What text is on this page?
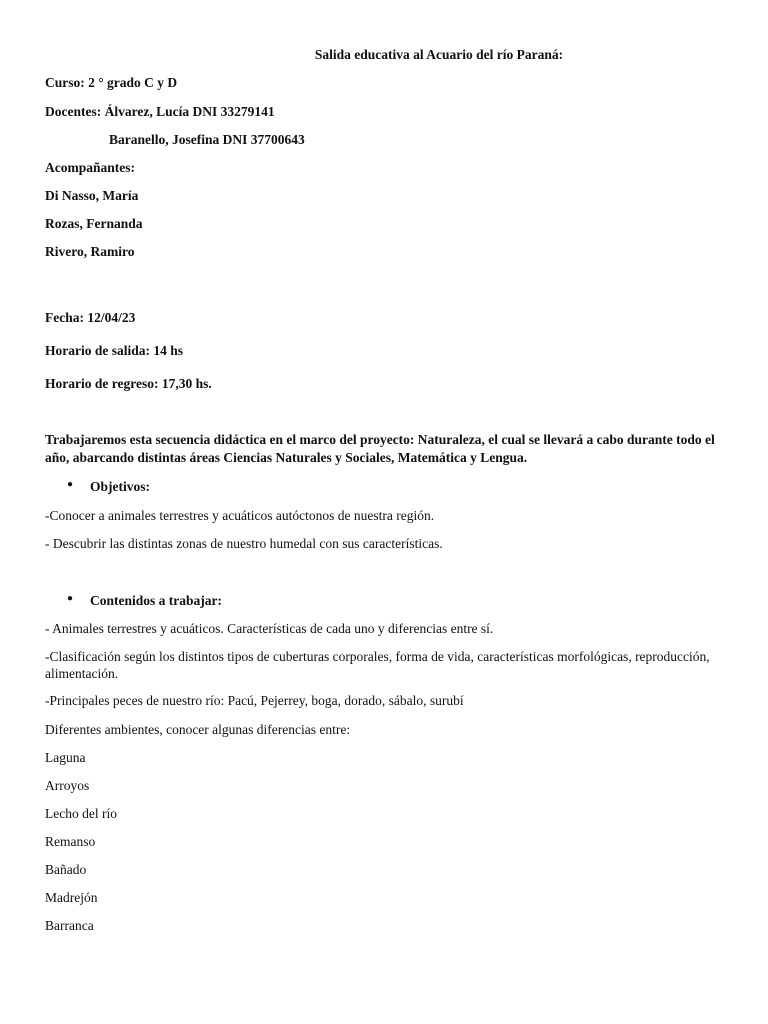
Salida educativa al Acuario del río Paraná:
Curso: 2 ° grado C y D
Docentes: Álvarez, Lucía DNI 33279141
Baranello, Josefina DNI 37700643
Acompañantes:
Di Nasso, María
Rozas, Fernanda
Rivero, Ramiro
Fecha: 12/04/23
Horario de salida: 14 hs
Horario de regreso: 17,30 hs.
Trabajaremos esta secuencia didáctica en el marco del proyecto: Naturaleza, el cual se llevará a cabo durante todo el año, abarcando distintas áreas Ciencias Naturales y Sociales, Matemática y Lengua.
● Objetivos:
-Conocer a animales terrestres y acuáticos autóctonos de nuestra región.
- Descubrir las distintas zonas de nuestro humedal con sus características.
● Contenidos a trabajar:
- Animales terrestres y acuáticos. Características de cada uno y diferencias entre sí.
-Clasificación según los distintos tipos de cuberturas corporales, forma de vida, características morfológicas, reproducción, alimentación.
-Principales peces de nuestro río: Pacú, Pejerrey, boga, dorado, sábalo, surubí
Diferentes ambientes, conocer algunas diferencias entre:
Laguna
Arroyos
Lecho del río
Remanso
Bañado
Madrejón
Barranca
